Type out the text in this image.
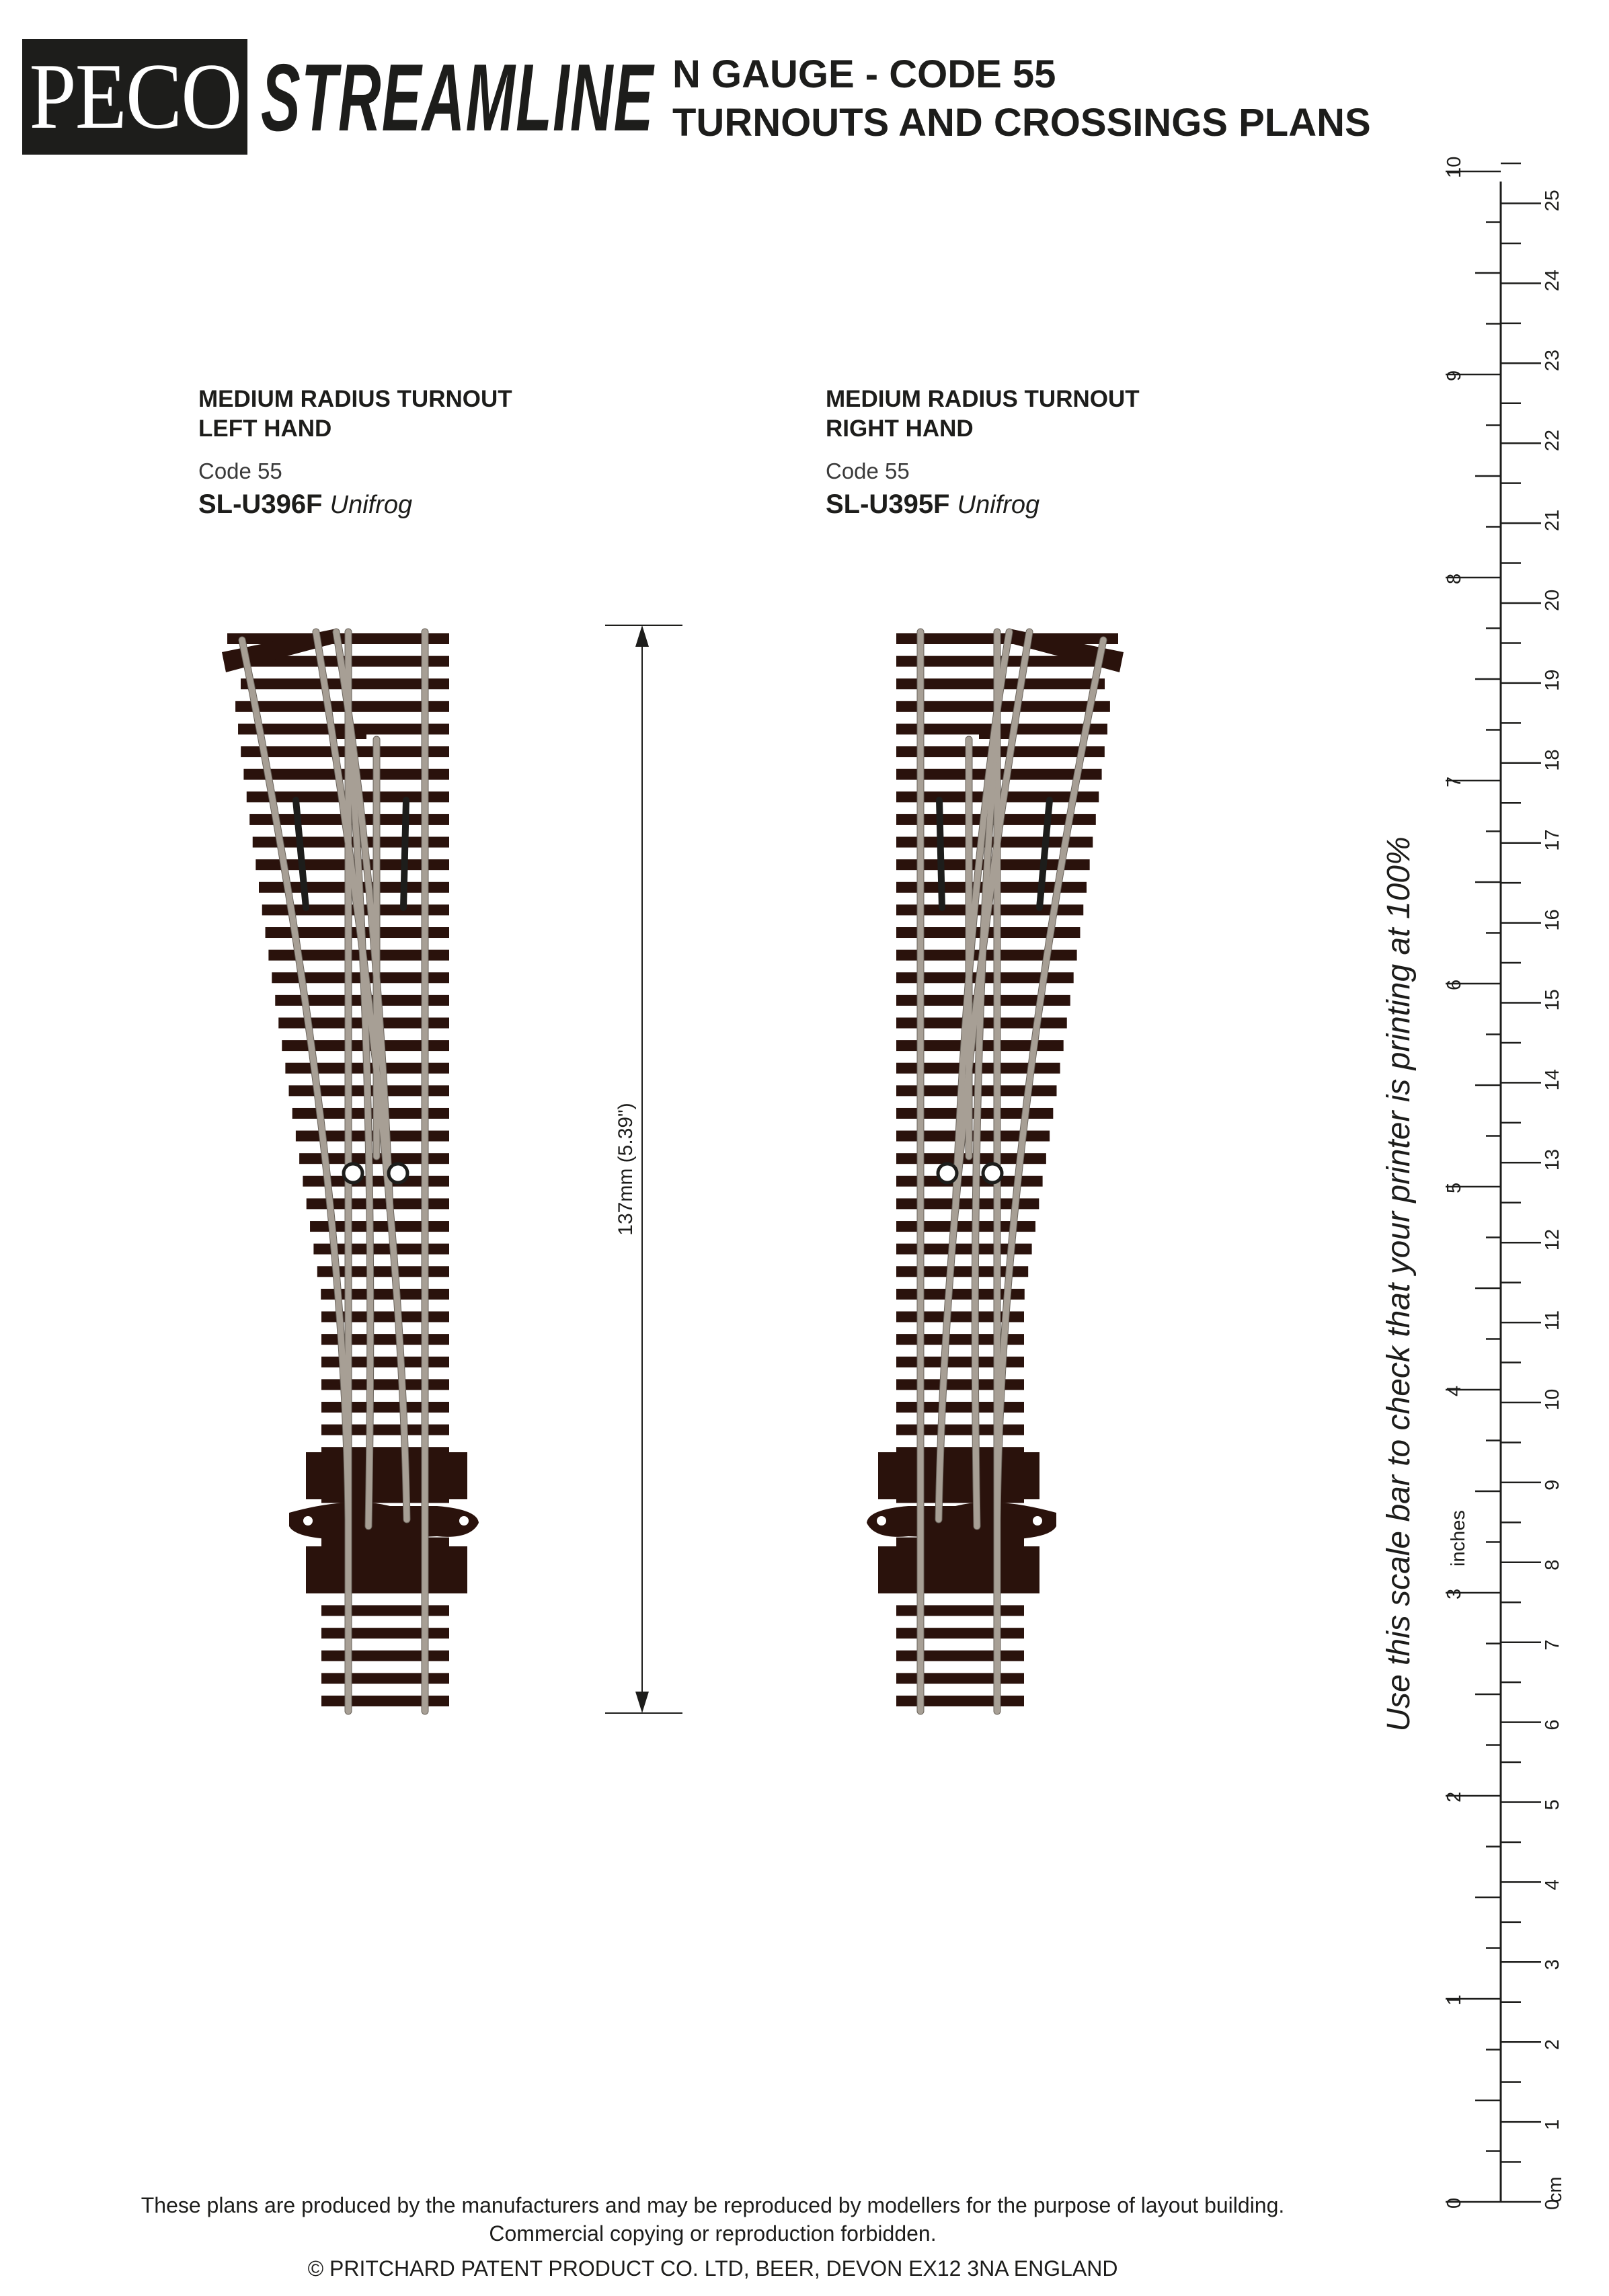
PECO STREAMLINE N GAUGE - CODE 55
TURNOUTS AND CROSSINGS PLANS
MEDIUM RADIUS TURNOUT
LEFT HAND
Code 55
SL-U396F Unifrog
MEDIUM RADIUS TURNOUT
RIGHT HAND
Code 55
SL-U395F Unifrog
137mm (5.39")
0
1
2
3
4
5
6
7
8
9
10
0
1
2
3
4
5
6
7
8
9
10
11
12
13
14
15
16
17
18
19
20
21
22
23
24
25
inches
cm
Use this scale bar to check that your printer is printing at 100%
These plans are produced by the manufacturers and may be reproduced by modellers for the purpose of layout building.
Commercial copying or reproduction forbidden.
© PRITCHARD PATENT PRODUCT CO. LTD, BEER, DEVON EX12 3NA ENGLAND
